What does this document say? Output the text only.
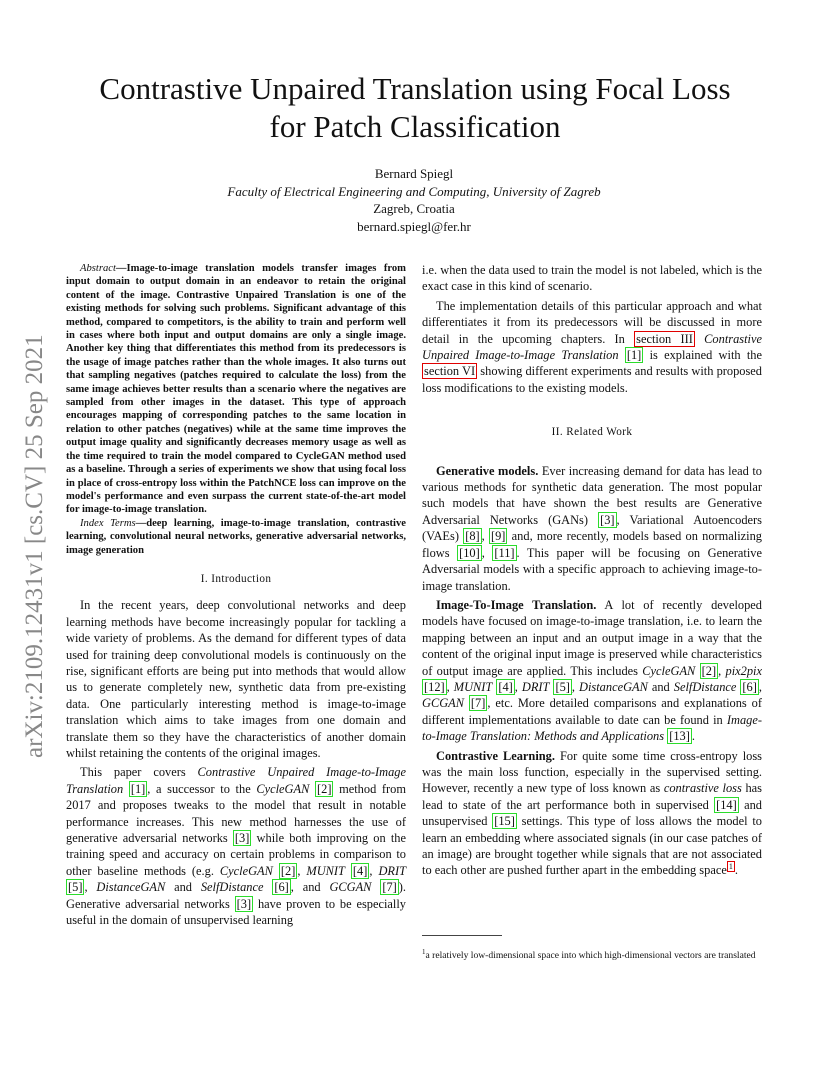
arXiv:2109.12431v1 [cs.CV] 25 Sep 2021
Contrastive Unpaired Translation using Focal Loss
for Patch Classification
Bernard Spiegl
Faculty of Electrical Engineering and Computing, University of Zagreb
Zagreb, Croatia
bernard.spiegl@fer.hr

Abstract—Image-to-image translation models transfer images from input domain to output domain in an endeavor to retain the original content of the image. Contrastive Unpaired Translation is one of the existing methods for solving such problems. Significant advantage of this method, compared to competitors, is the ability to train and perform well in cases where both input and output domains are only a single image. Another key thing that differentiates this method from its predecessors is the usage of image patches rather than the whole images. It also turns out that sampling negatives (patches required to calculate the loss) from the same image achieves better results than a scenario where the negatives are sampled from other images in the dataset. This type of approach encourages mapping of corresponding patches to the same location in relation to other patches (negatives) while at the same time improves the output image quality and significantly decreases memory usage as well as the time required to train the model compared to CycleGAN method used as a baseline. Through a series of experiments we show that using focal loss in place of cross-entropy loss within the PatchNCE loss can improve on the model's performance and even surpass the current state-of-the-art model for image-to-image translation.

Index Terms—deep learning, image-to-image translation, contrastive learning, convolutional neural networks, generative adversarial networks, image generation

I. Introduction

In the recent years, deep convolutional networks and deep learning methods have become increasingly popular for tackling a wide variety of problems. As the demand for different types of data used for training deep convolutional models is continuously on the rise, significant efforts are being put into methods that would allow us to generate completely new, synthetic data from pre-existing data. One particularly interesting method is image-to-image translation which aims to take images from one domain and translate them so they have the characteristics of another domain whilst retaining the contents of the original images.

This paper covers Contrastive Unpaired Image-to-Image Translation [1] , a successor to the CycleGAN [2] method from 2017 and proposes tweaks to the model that result in notable performance increases. This new method harnesses the use of generative adversarial networks [3] while both improving on the training speed and accuracy on certain problems in comparison to other baseline methods (e.g. CycleGAN [2] , MUNIT [4] , DRIT [5] , DistanceGAN and SelfDistance [6] , and GCGAN [7] ). Generative adversarial networks [3] have proven to be especially useful in the domain of unsupervised learning

i.e. when the data used to train the model is not labeled, which is the exact case in this kind of scenario.

The implementation details of this particular approach and what differentiates it from its predecessors will be discussed in more detail in the upcoming chapters. In section III Contrastive Unpaired Image-to-Image Translation [1] is explained with the section VI showing different experiments and results with proposed loss modifications to the existing models.

II. Related Work

Generative models. Ever increasing demand for data has lead to various methods for synthetic data generation. The most popular such models that have shown the best results are Generative Adversarial Networks (GANs) [3] , Variational Autoencoders (VAEs) [8] , [9] and, more recently, models based on normalizing flows [10] , [11] . This paper will be focusing on Generative Adversarial models with a specific approach to achieving image-to-image translation.

Image-To-Image Translation. A lot of recently developed models have focused on image-to-image translation, i.e. to learn the mapping between an input and an output image in a way that the content of the original input image is preserved while characteristics of output image are applied. This includes CycleGAN [2] , pix2pix [12] , MUNIT [4] , DRIT [5] , DistanceGAN and SelfDistance [6] , GCGAN [7] , etc. More detailed comparisons and explanations of different implementations available to date can be found in Image-to-Image Translation: Methods and Applications [13] .

Contrastive Learning. For quite some time cross-entropy loss was the main loss function, especially in the supervised setting. However, recently a new type of loss known as contrastive loss has lead to state of the art performance both in supervised [14] and unsupervised [15] settings. This type of loss allows the model to learn an embedding where associated signals (in our case patches of an image) are brought together while signals that are not associated to each other are pushed further apart in the embedding space $^1$ .

$^1$a relatively low-dimensional space into which high-dimensional vectors are translated
